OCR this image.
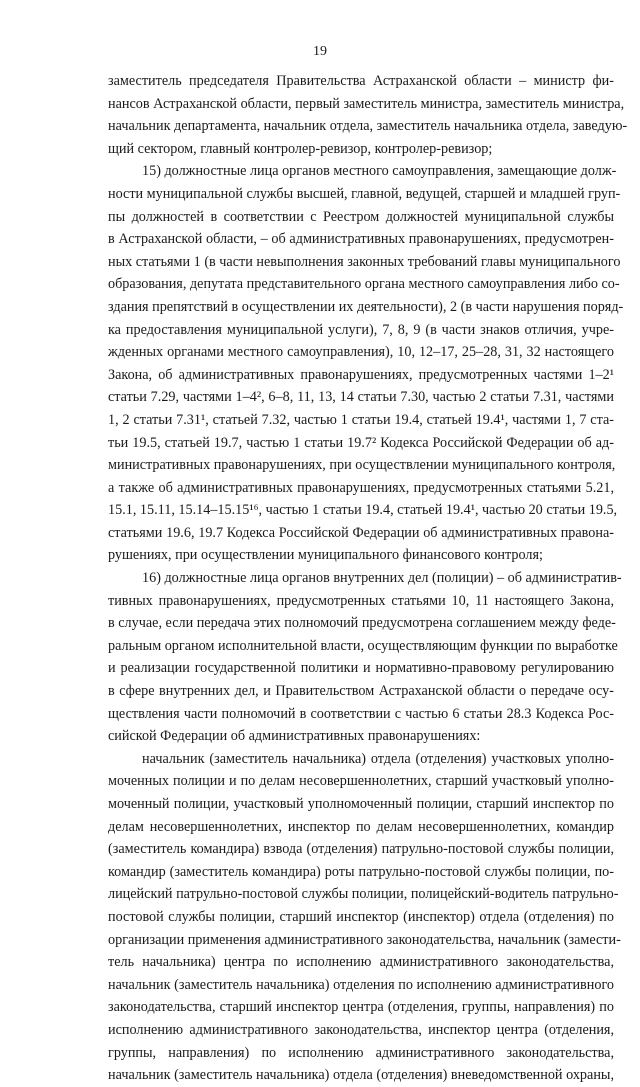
19
заместитель председателя Правительства Астраханской области – министр фи-
нансов Астраханской области, первый заместитель министра, заместитель министра,
начальник департамента, начальник отдела, заместитель начальника отдела, заведую-
щий сектором, главный контролер-ревизор, контролер-ревизор;
15) должностные лица органов местного самоуправления, замещающие долж-
ности муниципальной службы высшей, главной, ведущей, старшей и младшей груп-
пы должностей в соответствии с Реестром должностей муниципальной службы
в Астраханской области, – об административных правонарушениях, предусмотрен-
ных статьями 1 (в части невыполнения законных требований главы муниципального
образования, депутата представительного органа местного самоуправления либо со-
здания препятствий в осуществлении их деятельности), 2 (в части нарушения поряд-
ка предоставления муниципальной услуги), 7, 8, 9 (в части знаков отличия, учре-
жденных органами местного самоуправления), 10, 12–17, 25–28, 31, 32 настоящего
Закона, об административных правонарушениях, предусмотренных частями 1–2¹
статьи 7.29, частями 1–4², 6–8, 11, 13, 14 статьи 7.30, частью 2 статьи 7.31, частями
1, 2 статьи 7.31¹, статьей 7.32, частью 1 статьи 19.4, статьей 19.4¹, частями 1, 7 ста-
тьи 19.5, статьей 19.7, частью 1 статьи 19.7² Кодекса Российской Федерации об ад-
министративных правонарушениях, при осуществлении муниципального контроля,
а также об административных правонарушениях, предусмотренных статьями 5.21,
15.1, 15.11, 15.14–15.15¹⁶, частью 1 статьи 19.4, статьей 19.4¹, частью 20 статьи 19.5,
статьями 19.6, 19.7 Кодекса Российской Федерации об административных правона-
рушениях, при осуществлении муниципального финансового контроля;
16) должностные лица органов внутренних дел (полиции) – об административ-
тивных правонарушениях, предусмотренных статьями 10, 11 настоящего Закона,
в случае, если передача этих полномочий предусмотрена соглашением между феде-
ральным органом исполнительной власти, осуществляющим функции по выработке
и реализации государственной политики и нормативно-правовому регулированию
в сфере внутренних дел, и Правительством Астраханской области о передаче осу-
ществления части полномочий в соответствии с частью 6 статьи 28.3 Кодекса Рос-
сийской Федерации об административных правонарушениях:
начальник (заместитель начальника) отдела (отделения) участковых уполно-
моченных полиции и по делам несовершеннолетних, старший участковый уполно-
моченный полиции, участковый уполномоченный полиции, старший инспектор по
делам несовершеннолетних, инспектор по делам несовершеннолетних, командир
(заместитель командира) взвода (отделения) патрульно-постовой службы полиции,
командир (заместитель командира) роты патрульно-постовой службы полиции, по-
лицейский патрульно-постовой службы полиции, полицейский-водитель патрульно-
постовой службы полиции, старший инспектор (инспектор) отдела (отделения) по
организации применения административного законодательства, начальник (замести-
тель начальника) центра по исполнению административного законодательства,
начальник (заместитель начальника) отделения по исполнению административного
законодательства, старший инспектор центра (отделения, группы, направления) по
исполнению административного законодательства, инспектор центра (отделения,
группы, направления) по исполнению административного законодательства,
начальник (заместитель начальника) отдела (отделения) вневедомственной охраны,
